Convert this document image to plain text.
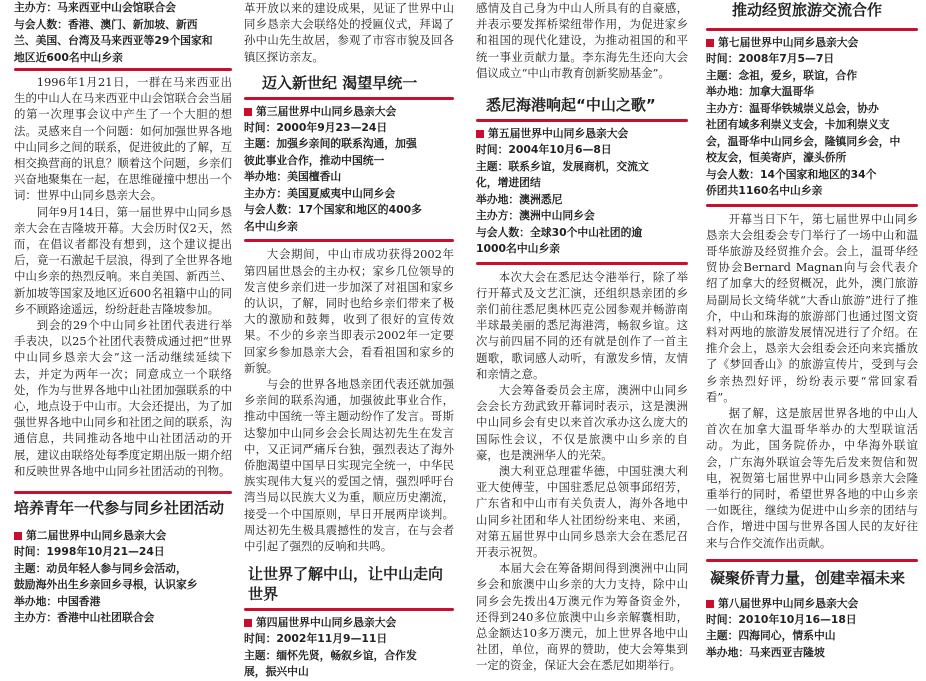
主办方：马来西亚中山会馆联合会
与会人数：香港、澳门、新加坡、新西
兰、美国、台湾及马来西亚等29个国家和
地区近600名中山乡亲

1996年1月21日，一群在马来西亚出生的中山人在马来西亚中山会馆联合会当届的第一次理事会议中产生了一个大胆的想法。灵感来自一个问题：如何加强世界各地中山同乡之间的联系，促进彼此的了解，互相交换营商的讯息？顺着这个问题，乡亲们兴奋地聚集在一起，在思维碰撞中想出一个词：世界中山同乡恳亲大会。

同年9月14日，第一届世界中山同乡恳亲大会在吉隆坡开幕。大会历时仅2天，然而，在倡议者都没有想到，这个建议提出后，竟一石激起千层浪，得到了全世界各地中山乡亲的热烈反响。来自美国、新西兰、新加坡等国家及地区近600名祖籍中山的同乡不顾路途遥远，纷纷赶赴吉隆坡参加。

到会的29个中山同乡社团代表进行举手表决，以25个社团代表赞成通过把“世界中山同乡恳亲大会”这一活动继续延续下去，并定为两年一次；同意成立一个联络处，作为与世界各地中山社团加强联系的中心，地点设于中山市。大会还提出，为了加强世界各地中山同乡和社团之间的联系，沟通信息，共同推动各地中山社团活动的开展，建议由联络处每季度定期出版一期介绍和反映世界各地中山同乡社团活动的刊物。

培养青年一代参与同乡社团活动
第二届世界中山同乡恳亲大会
时间：1998年10月21—24日
主题：动员年轻人参与同乡会活动，
鼓励海外出生乡亲回乡寻根，认识家乡
举办地：中国香港
主办方：香港中山社团联合会

革开放以来的建设成果，见证了世界中山同乡恳亲大会联络处的授匾仪式，拜谒了孙中山先生故居，参观了市容市貌及回各镇区探访亲友。

迈入新世纪 渴望早统一
第三届世界中山同乡恳亲大会
时间：2000年9月23—24日
主题：加强乡亲间的联系沟通，加强
彼此事业合作，推动中国统一
举办地：美国檀香山
主办方：美国夏威夷中山同乡会
与会人数：17个国家和地区的400多
名中山乡亲

大会期间，中山市成功获得2002年第四届世恳会的主办权；家乡几位领导的发言使乡亲们进一步加深了对祖国和家乡的认识，了解，同时也给乡亲们带来了极大的激励和鼓舞，收到了很好的宣传效果。不少的乡亲当即表示2002年一定要回家乡参加恳亲大会，看看祖国和家乡的新貌。

与会的世界各地恳亲团代表还就加强乡亲间的联系沟通，加强彼此事业合作，推动中国统一等主题动纷作了发言。哥斯达黎加中山同乡会会长周达初先生在发言中，又正词严痛斥台独，强烈表达了海外侨胞渴望中国早日实现完全统一，中华民族实现伟大复兴的爱国之情，强烈呼吁台湾当局以民族大义为重，顺应历史潮流，接受一个中国原则，早日开展两岸谈判。周达初先生极具震撼性的发言，在与会者中引起了强烈的反响和共鸣。

让世界了解中山，让中山走向世界
第四届世界中山同乡恳亲大会
时间：2002年11月9—11日
主题：缅怀先贤，畅叙乡谊，合作发
展，振兴中山

感情及自己身为中山人所具有的自豪感，并表示要发挥桥梁纽带作用，为促进家乡和祖国的现代化建设，为推动祖国的和平统一事业贡献力量。李东海先生还向大会倡议成立“中山市教育创新奖励基金”。

悉尼海港响起“中山之歌”
第五届世界中山同乡恳亲大会
时间：2004年10月6—8日
主题：联系乡谊，发展商机，交流文
化，增进团结
举办地：澳洲悉尼
主办方：澳洲中山同乡会
与会人数：全球30个中山社团的逾
1000名中山乡亲

本次大会在悉尼达令港举行，除了举行开幕式及文艺汇演，还组织恳亲团的乡亲们前往悉尼奥林匹克公园参观并畅游南半球最美丽的悉尼海港湾，畅叙乡谊。这次与前四届不同的还有就是创作了一首主题歌，歌词感人动听，有激发乡情，友情和亲情之意。

大会筹备委员会主席，澳洲中山同乡会会长方劲武致开幕词时表示，这是澳洲中山同乡会有史以来首次承办这么庞大的国际性会议，不仅是旅澳中山乡亲的自豪，也是澳洲华人的光荣。

澳大利亚总理霍华德，中国驻澳大利亚大使傅莹，中国驻悉尼总领事邱绍芳，广东省和中山市有关负责人，海外各地中山同乡社团和华人社团纷纷来电、来函，对第五届世界中山同乡恳亲大会在悉尼召开表示祝贺。

本届大会在筹备期间得到澳洲中山同乡会和旅澳中山乡亲的大力支持，除中山同乡会先拨出4万澳元作为筹备资金外，还得到240多位旅澳中山乡亲解囊相助，总金额达10多万澳元，加上世界各地中山社团，单位，商界的赞助，使大会筹集到一定的资金，保证大会在悉尼如期举行。

推动经贸旅游交流合作
第七届世界中山同乡恳亲大会
时间：2008年7月5—7日
主题：念祖，爱乡，联谊，合作
举办地：加拿大温哥华
主办方：温哥华铁城崇义总会，协办
社团有域多利崇义支会，卡加利崇义支
会，温哥华中山同乡会，隆镇同乡会，中
校友会，恒美寄庐，濠头侨所
与会人数：14个国家和地区的34个
侨团共1160名中山乡亲

开幕当日下午，第七届世界中山同乡恳亲大会组委会专门举行了一场中山和温哥华旅游及经贸推介会。会上，温哥华经贸协会Bernard Magnan向与会代表介绍了加拿大的经贸概况，此外，澳门旅游局副局长文绮华就“大香山旅游”进行了推介，中山和珠海的旅游部门也通过图文资料对两地的旅游发展情况进行了介绍。在推介会上，恳亲大会组委会还向来宾播放了《梦回香山》的旅游宣传片，受到与会乡亲热烈好评，纷纷表示要“常回家看看”。

据了解，这是旅居世界各地的中山人首次在加拿大温哥华举办的大型联谊活动。为此，国务院侨办，中华海外联谊会，广东海外联谊会等先后发来贺信和贺电，祝贺第七届世界中山同乡恳亲大会隆重举行的同时，希望世界各地的中山乡亲一如既往，继续为促进中山乡亲的团结与合作，增进中国与世界各国人民的友好往来与合作交流作出贡献。

凝聚侨青力量，创建幸福未来
第八届世界中山同乡恳亲大会
时间：2010年10月16—18日
主题：四海同心，情系中山
举办地：马来西亚吉隆坡
